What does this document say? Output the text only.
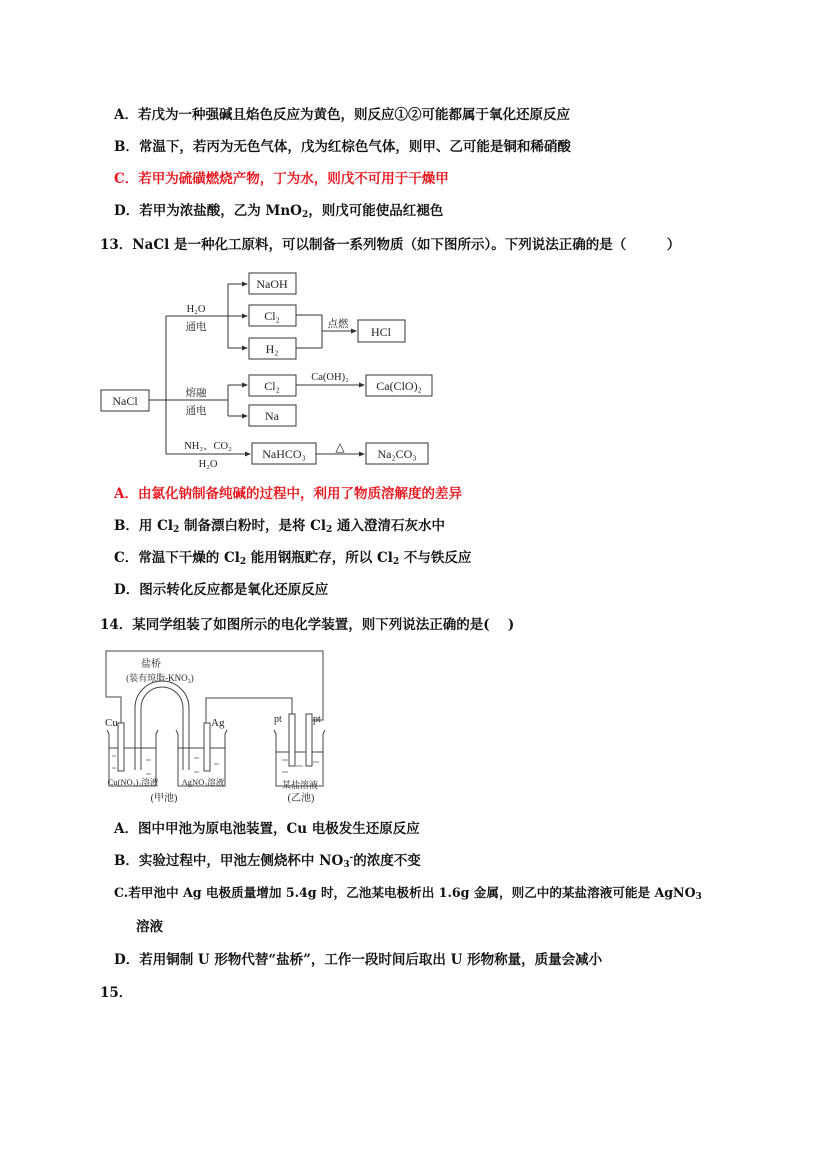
A．若戊为一种强碱且焰色反应为黄色，则反应①②可能都属于氧化还原反应
B．常温下，若丙为无色气体，戊为红棕色气体，则甲、乙可能是铜和稀硝酸
C．若甲为硫磺燃烧产物，丁为水，则戊不可用于干燥甲
D．若甲为浓盐酸，乙为 MnO$_2$，则戊可能使品红褪色
13．NaCl 是一种化工原料，可以制备一系列物质（如下图所示）。下列说法正确的是（　　　）
NaCl
H₂O
通电
NaOH
Cl₂
H₂
点燃
HCl
熔融
通电
Cl₂
Na
Ca(OH)₂
Ca(ClO)₂
NH₃、CO₂
H₂O
NaHCO₃ △	Na₂CO₃
A．由氯化钠制备纯碱的过程中，利用了物质溶解度的差异
B．用 $Cl_2$ 制备漂白粉时，是将 $Cl_2$ 通入澄清石灰水中
C．常温下干燥的 $Cl_2$ 能用钢瓶贮存，所以 $Cl_2$ 不与铁反应
D．图示转化反应都是氧化还原反应
14．某同学组装了如图所示的电化学装置，则下列说法正确的是(　 )
盐桥
(装有琼脂-KNO₃)
Cu	Ag	pt	pt
Cu(NO₃)₂溶液	AgNO₃溶液	某盐溶液
(甲池)	(乙池)
A．图中甲池为原电池装置，Cu 电极发生还原反应
B．实验过程中，甲池左侧烧杯中 $NO_3^-$的浓度不变
C.若甲池中 Ag 电极质量增加 5.4g 时，乙池某电极析出 1.6g 金属，则乙中的某盐溶液可能是 AgNO$_3$
溶液
D．若用铜制 U 形物代替“盐桥”，工作一段时间后取出 U 形物称量，质量会减小
15．
